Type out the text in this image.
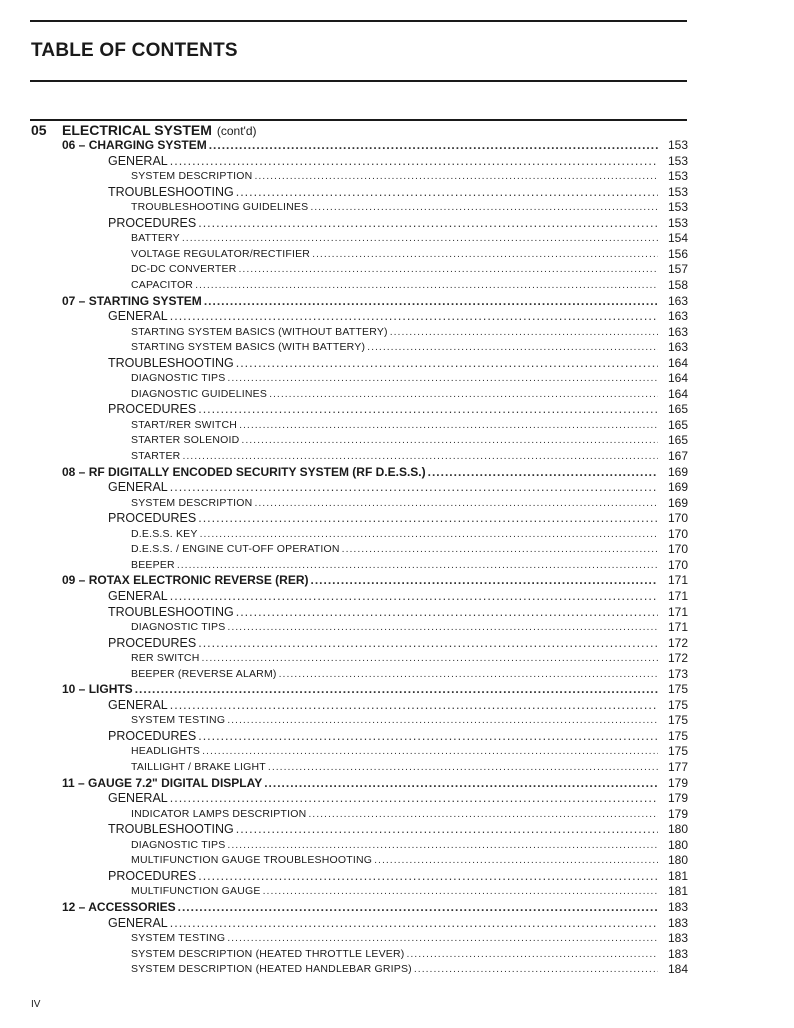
TABLE OF CONTENTS
05 ELECTRICAL SYSTEM (cont'd)
06 – CHARGING SYSTEM .....	153
GENERAL .....	153
SYSTEM DESCRIPTION .....	153
TROUBLESHOOTING .....	153
TROUBLESHOOTING GUIDELINES .....	153
PROCEDURES .....	153
BATTERY .....	154
VOLTAGE REGULATOR/RECTIFIER .....	156
DC-DC CONVERTER .....	157
CAPACITOR .....	158
07 – STARTING SYSTEM .....	163
GENERAL .....	163
STARTING SYSTEM BASICS (WITHOUT BATTERY) .....	163
STARTING SYSTEM BASICS (WITH BATTERY) .....	163
TROUBLESHOOTING .....	164
DIAGNOSTIC TIPS .....	164
DIAGNOSTIC GUIDELINES .....	164
PROCEDURES .....	165
START/RER SWITCH .....	165
STARTER SOLENOID .....	165
STARTER .....	167
08 – RF DIGITALLY ENCODED SECURITY SYSTEM (RF D.E.S.S.) .....	169
GENERAL .....	169
SYSTEM DESCRIPTION .....	169
PROCEDURES .....	170
D.E.S.S. KEY .....	170
D.E.S.S. / ENGINE CUT-OFF OPERATION .....	170
BEEPER .....	170
09 – ROTAX ELECTRONIC REVERSE (RER) .....	171
GENERAL .....	171
TROUBLESHOOTING .....	171
DIAGNOSTIC TIPS .....	171
PROCEDURES .....	172
RER SWITCH .....	172
BEEPER (REVERSE ALARM) .....	173
10 – LIGHTS .....	175
GENERAL .....	175
SYSTEM TESTING .....	175
PROCEDURES .....	175
HEADLIGHTS .....	175
TAILLIGHT / BRAKE LIGHT .....	177
11 – GAUGE 7.2" DIGITAL DISPLAY .....	179
GENERAL .....	179
INDICATOR LAMPS DESCRIPTION .....	179
TROUBLESHOOTING .....	180
DIAGNOSTIC TIPS .....	180
MULTIFUNCTION GAUGE TROUBLESHOOTING .....	180
PROCEDURES .....	181
MULTIFUNCTION GAUGE .....	181
12 – ACCESSORIES .....	183
GENERAL .....	183
SYSTEM TESTING .....	183
SYSTEM DESCRIPTION (HEATED THROTTLE LEVER) .....	183
SYSTEM DESCRIPTION (HEATED HANDLEBAR GRIPS) .....	184
IV
